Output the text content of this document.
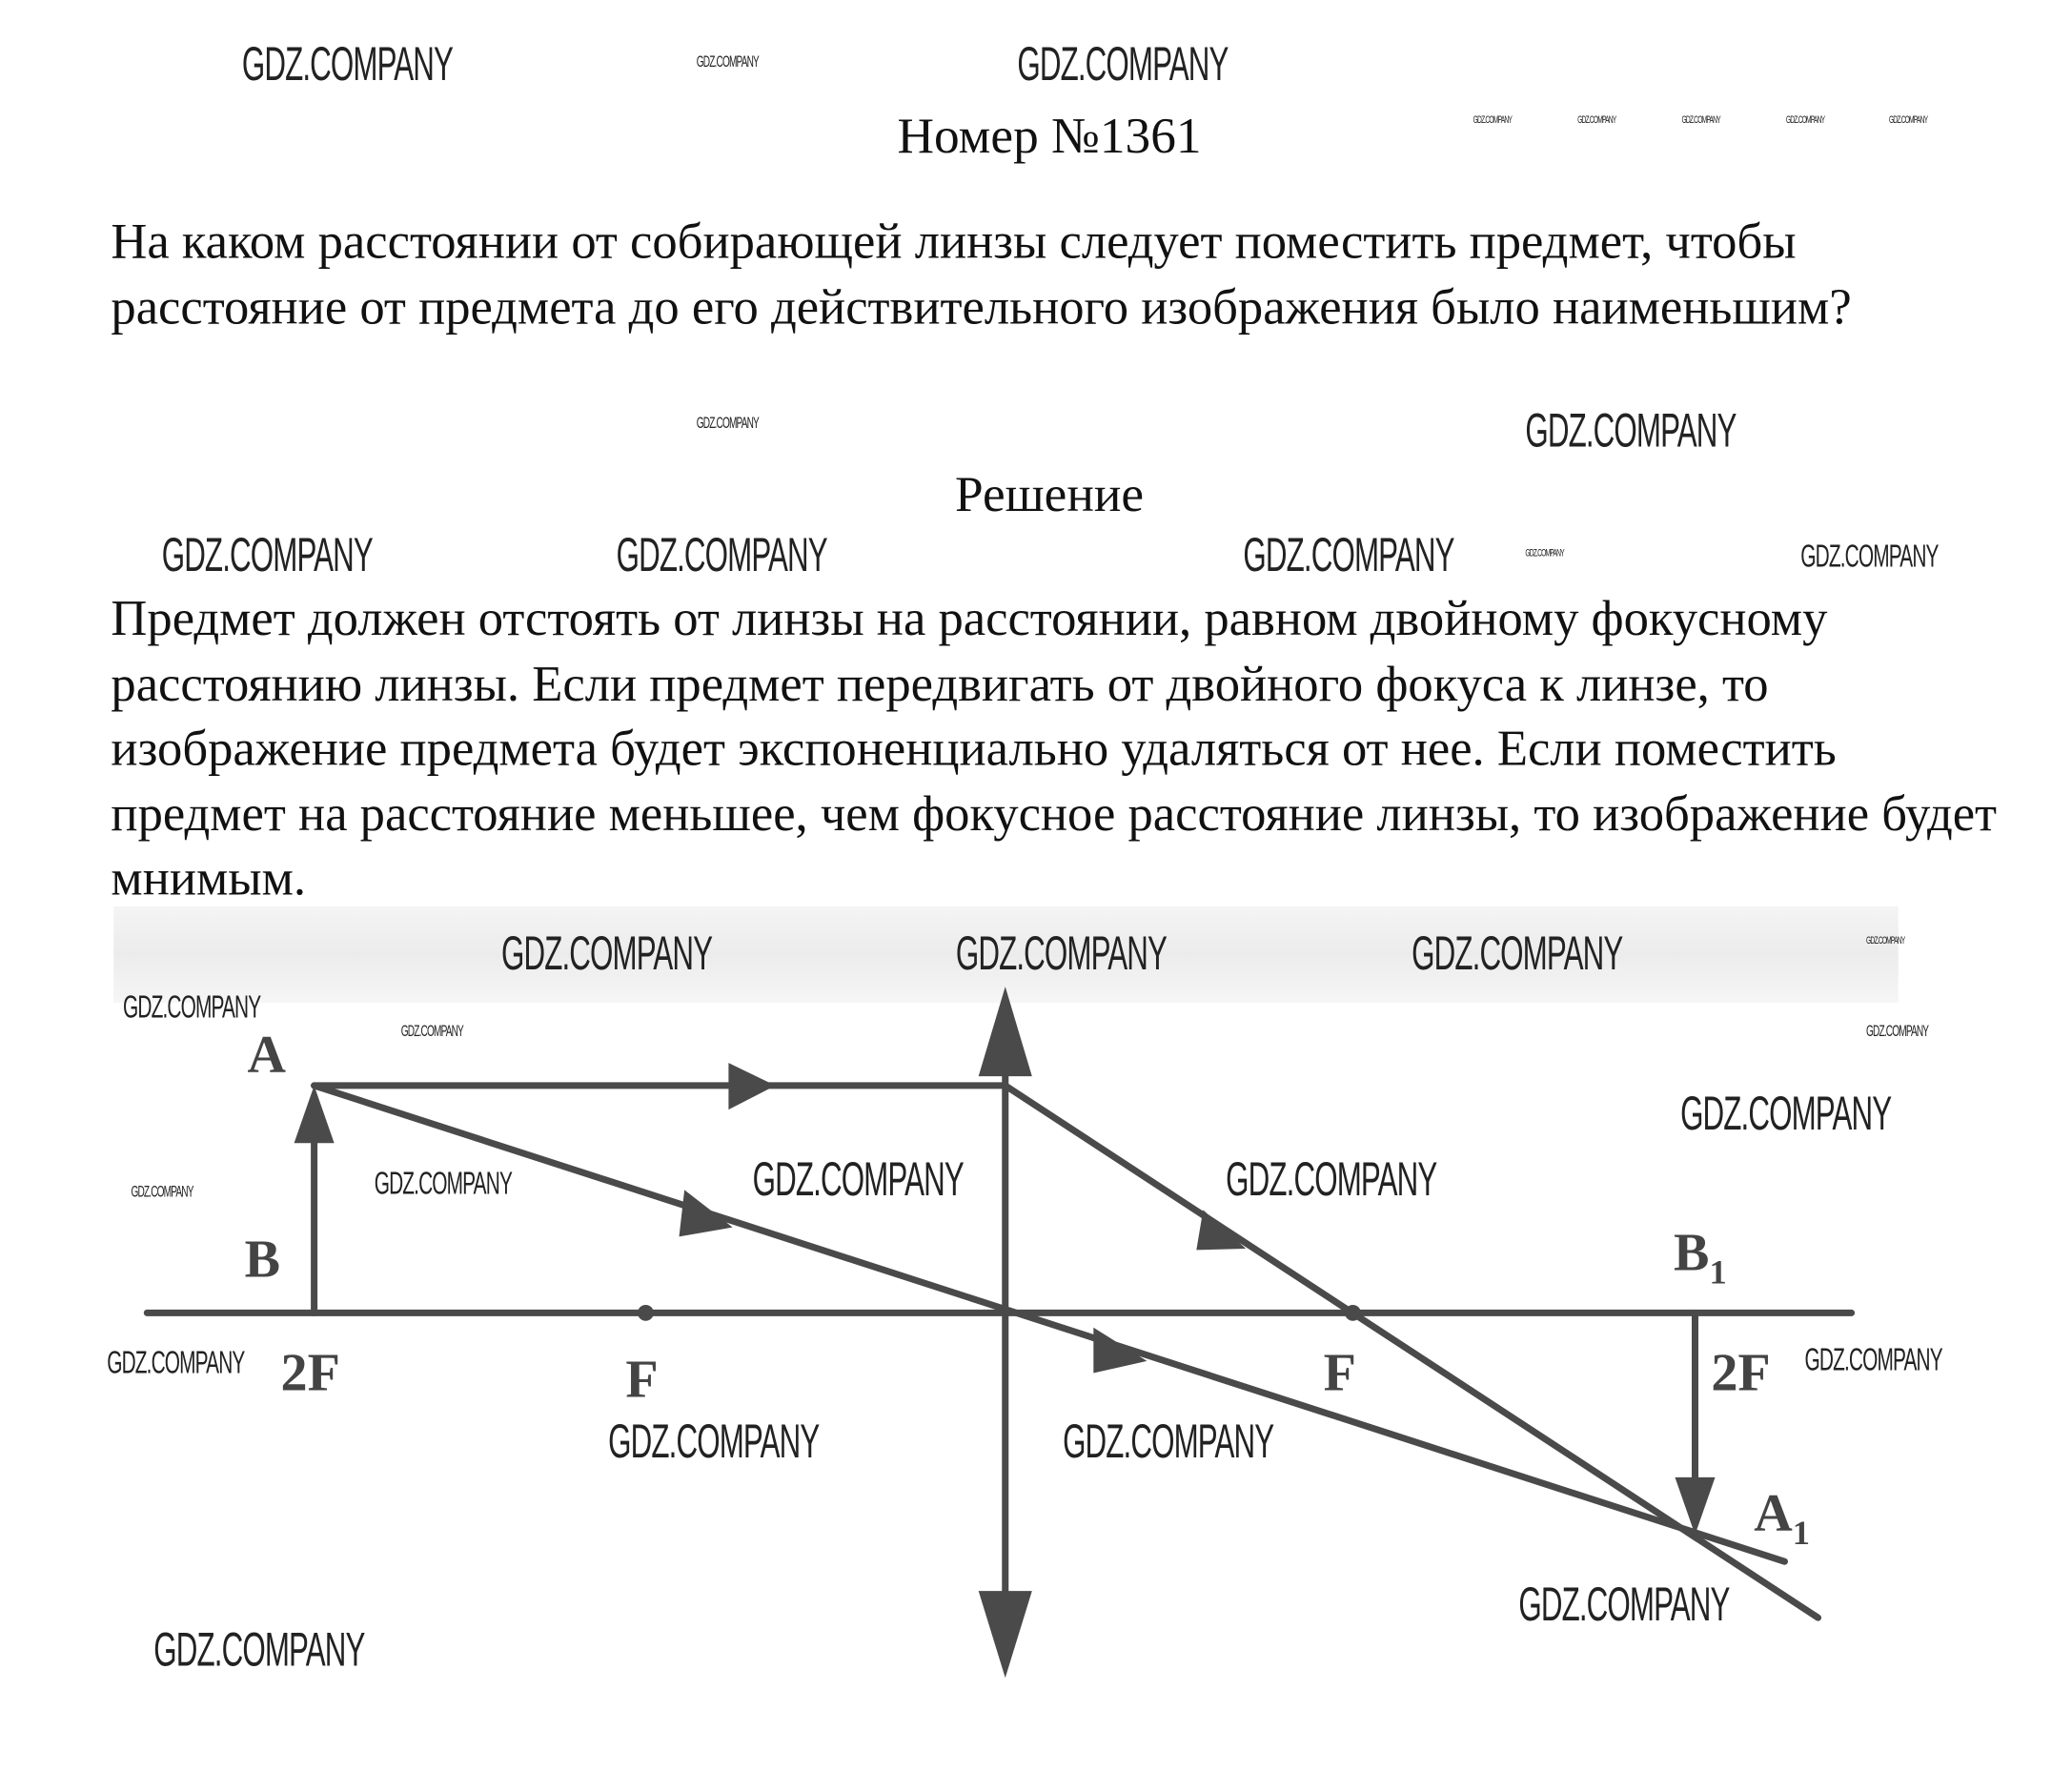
Номер №1361
На каком расстоянии от собирающей линзы следует поместить предмет, чтобы расстояние от предмета до его действительного изображения было наименьшим?
Решение
Предмет должен отстоять от линзы на расстоянии, равном двойному фокусному расстоянию линзы. Если предмет передвигать от двойного фокуса к линзе, то изображение предмета будет экспоненциально удаляться от нее. Если поместить предмет на расстояние меньшее, чем фокусное расстояние линзы, то изображение будет мнимым.
A
B
2F	F	F	2F
$B_1$
$A_1$
GDZ.COMPANY	GDZ.COMPANY	GDZ.COMPANY	GDZ.COMPANY	GDZ.COMPANY
GDZ.COMPANY	GDZ.COMPANY	GDZ.COMPANY
GDZ.COMPANY	GDZ.COMPANY
GDZ.COMPANY	GDZ.COMPANY	GDZ.COMPANY	GDZ.COMPANY	GDZ.COMPANY
GDZ.COMPANY
GDZ.COMPANY
GDZ.COMPANY	GDZ.COMPANY
GDZ.COMPANY	GDZ.COMPANY
GDZ.COMPANY
GDZ.COMPANY
GDZ.COMPANY	GDZ.COMPANY	GDZ.COMPANY	GDZ.COMPANY
GDZ.COMPANY	GDZ.COMPANY
GDZ.COMPANY	GDZ.COMPANY
GDZ.COMPANY
GDZ.COMPANY
